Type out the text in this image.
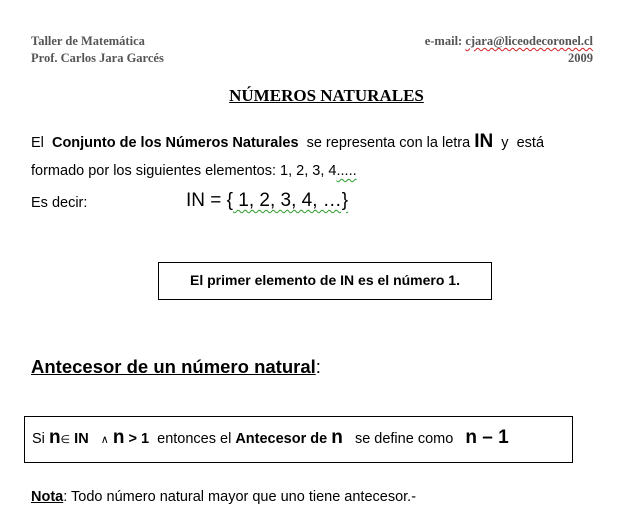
Taller de Matemática
Prof. Carlos Jara Garcés
e-mail: cjara@liceodecoronel.cl
2009
NÚMEROS NATURALES
El Conjunto de los Números Naturales se representa con la letra IN y está
formado por los siguientes elementos: 1, 2, 3, 4.....
Es decir:	IN = { 1, 2, 3, 4, …}
El primer elemento de IN es el número 1.
Antecesor de un número natural:
Si n∈ IN ∧ n > 1 entonces el Antecesor de n se define como n – 1
Nota: Todo número natural mayor que uno tiene antecesor.-
